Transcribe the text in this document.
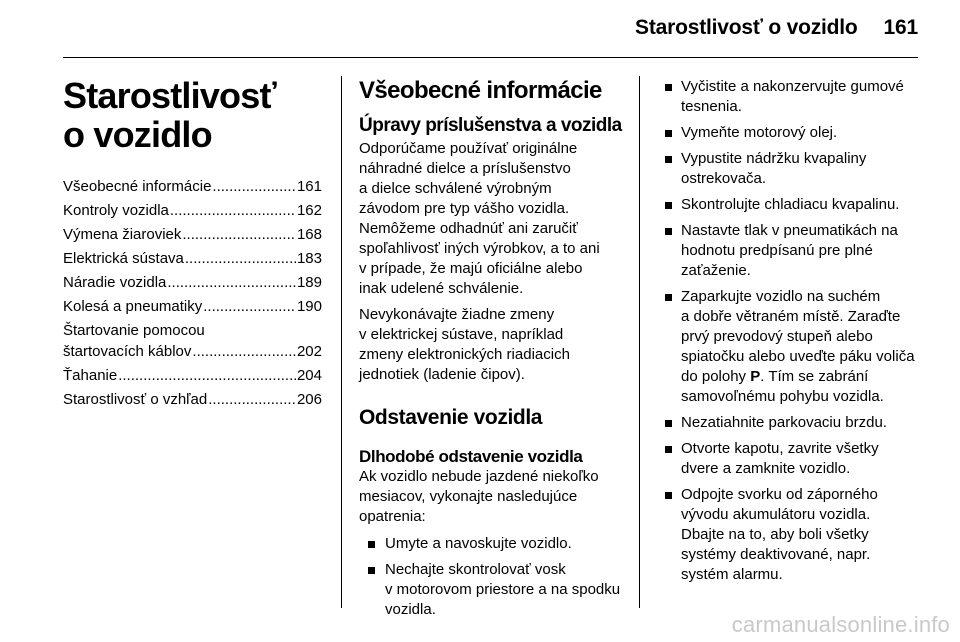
Starostlivosť o vozidlo 161
Starostlivosť
o vozidlo
Všeobecné informácie .....	161
Kontroly vozidla .....	162
Výmena žiaroviek .....	168
Elektrická sústava .....	183
Náradie vozidla .....	189
Kolesá a pneumatiky .....	190
Štartovanie pomocou
štartovacích káblov .....	202
Ťahanie .....	204
Starostlivosť o vzhľad .....	206
Všeobecné informácie
Úpravy príslušenstva a vozidla

Odporúčame používať originálne
náhradné dielce a príslušenstvo
a dielce schválené výrobným
závodom pre typ vášho vozidla.
Nemôžeme odhadnúť ani zaručiť
spoľahlivosť iných výrobkov, a to ani
v prípade, že majú oficiálne alebo
inak udelené schválenie.

Nevykonávajte žiadne zmeny
v elektrickej sústave, napríklad
zmeny elektronických riadiacich
jednotiek (ladenie čipov).

Odstavenie vozidla
Dlhodobé odstavenie vozidla

Ak vozidlo nebude jazdené niekoľko
mesiacov, vykonajte nasledujúce
opatrenia:

Umyte a navoskujte vozidlo.
Nechajte skontrolovať vosk
v motorovom priestore a na spodku
vozidla.
Vyčistite a nakonzervujte gumové
tesnenia.
Vymeňte motorový olej.
Vypustite nádržku kvapaliny
ostrekovača.
Skontrolujte chladiacu kvapalinu.
Nastavte tlak v pneumatikách na
hodnotu predpísanú pre plné
zaťaženie.
Zaparkujte vozidlo na suchém
a dobře větraném místě. Zaraďte
prvý prevodový stupeň alebo
spiatočku alebo uveďte páku voliča
do polohy P. Tím se zabrání
samovoľnému pohybu vozidla.
Nezatiahnite parkovaciu brzdu.
Otvorte kapotu, zavrite všetky
dvere a zamknite vozidlo.
Odpojte svorku od záporného
vývodu akumulátoru vozidla.
Dbajte na to, aby boli všetky
systémy deaktivované, napr.
systém alarmu.
carmanualsonline.info
